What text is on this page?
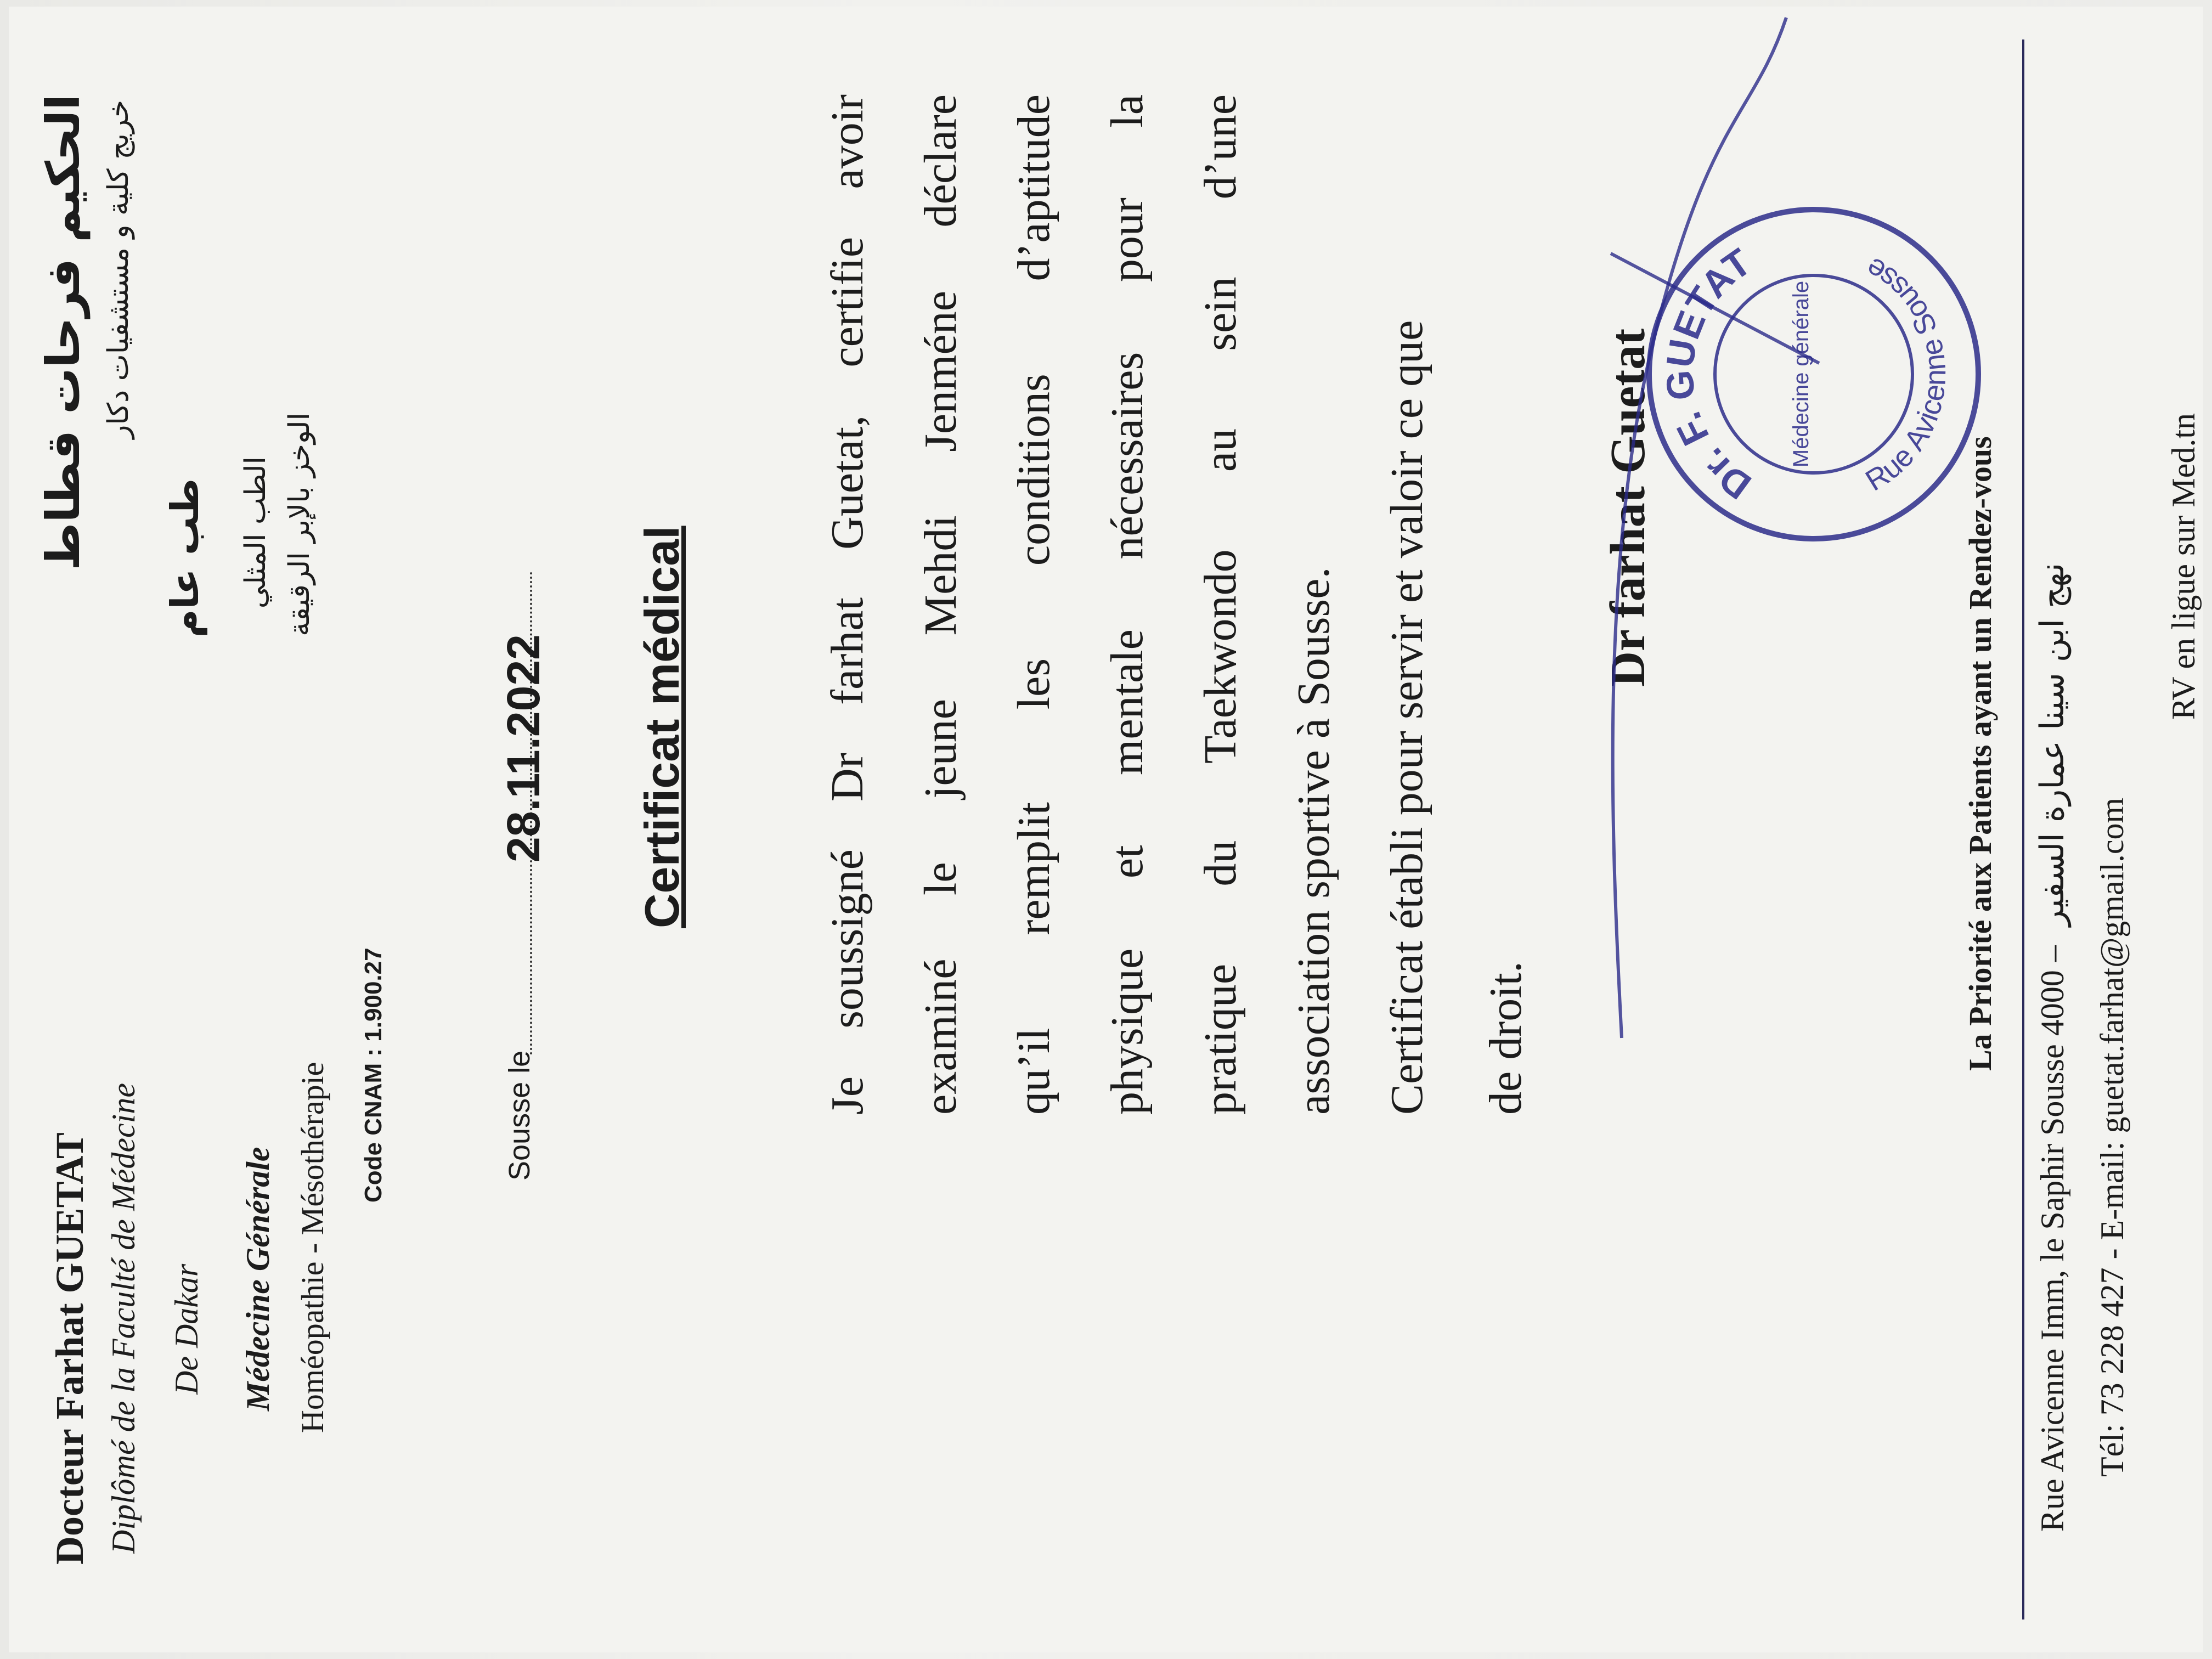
Docteur Farhat GUETAT Diplômé de la Faculté de Médecine De Dakar Médecine Générale Homéopathie - Mésothérapie
الحكيم فرحات قطاط خريج كلية و مستشفيات دكار
طب عام الطب المثلي الوخز بالإبر الرقيقة
Code CNAM : 1.900.27	Sousse le
28.11.2022 Certificat médical	Je soussigné Dr farhat Guetat, certifie avoir examiné le jeune Mehdi Jenméne déclare qu’il remplit les conditions d’aptitude physique et mentale nécessaires pour la pratique du Taekwondo au sein d’une association sportive à Sousse. Certificat établi pour servir et valoir ce que de droit.
Dr farhat Guetat	Dr. F. GUETAT
Rue Avicenne Sousse
Médecine générale
La Priorité aux Patients ayant un Rendez-vous
Rue Avicenne Imm, le Saphir Sousse 4000 – نهج ابن سينا عمارة السفير
Tél: 73 228 427 - E-mail: guetat.farhat@gmail.com
RV en ligue sur Med.tn
